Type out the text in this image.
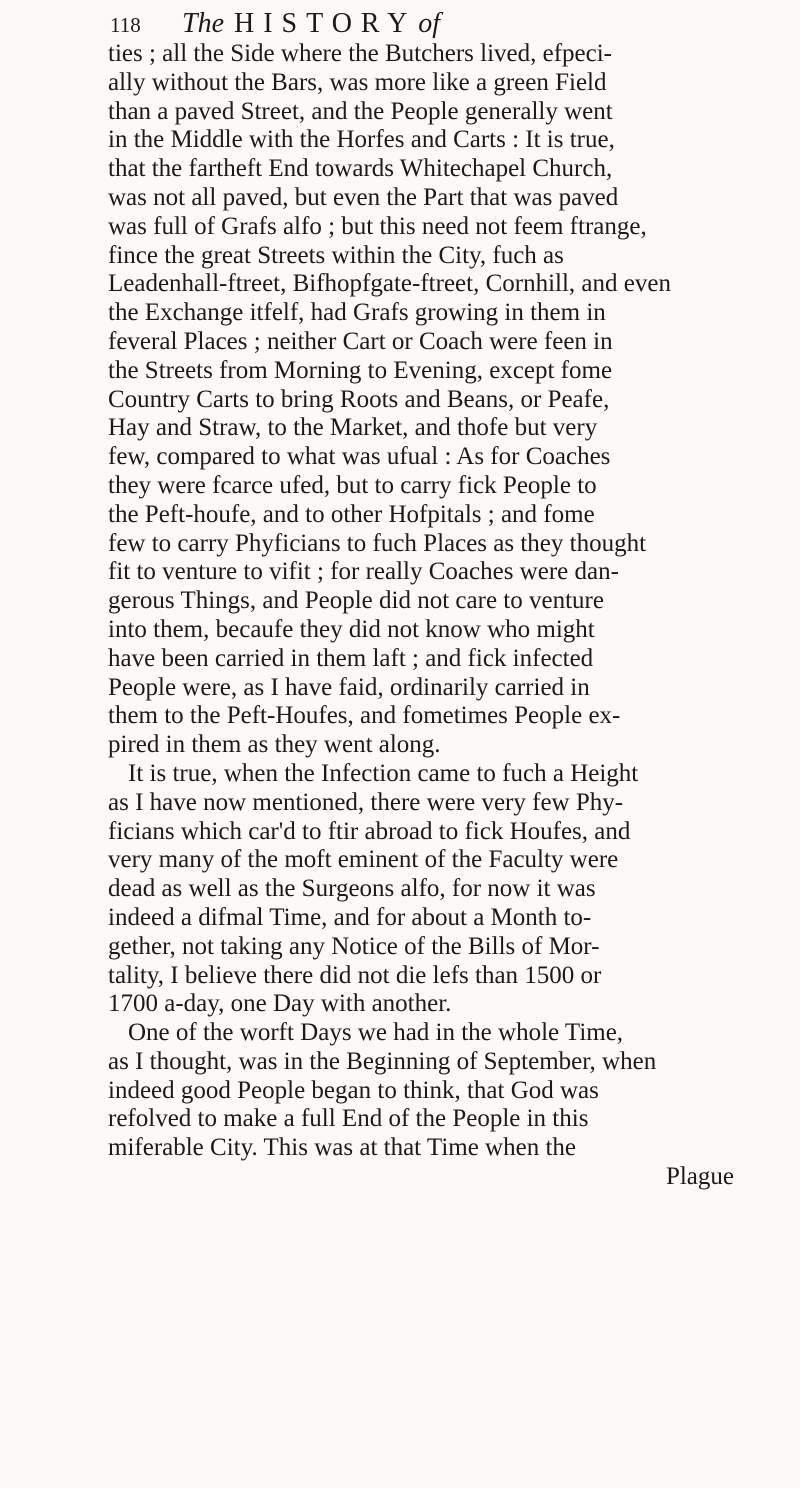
118 The HISTORYof
ties ; all the Side where the Butchers lived, efpeci-
ally without the Bars, was more like a green Field
than a paved Street, and the People generally went
in the Middle with the Horfes and Carts : It is true,
that the fartheft End towards Whitechapel Church,
was not all paved, but even the Part that was paved
was full of Grafs alfo ; but this need not feem ftrange,
fince the great Streets within the City, fuch as
Leadenhall-ftreet, Bifhopfgate-ftreet, Cornhill, and even
the Exchange itfelf, had Grafs growing in them in
feveral Places ; neither Cart or Coach were feen in
the Streets from Morning to Evening, except fome
Country Carts to bring Roots and Beans, or Peafe,
Hay and Straw, to the Market, and thofe but very
few, compared to what was ufual : As for Coaches
they were fcarce ufed, but to carry fick People to
the Peft-houfe, and to other Hofpitals ; and fome
few to carry Phyficians to fuch Places as they thought
fit to venture to vifit ; for really Coaches were dan-
gerous Things, and People did not care to venture
into them, becaufe they did not know who might
have been carried in them laft ; and fick infected
People were, as I have faid, ordinarily carried in
them to the Peft-Houfes, and fometimes People ex-
pired in them as they went along.
It is true, when the Infection came to fuch a Height
as I have now mentioned, there were very few Phy-
ficians which car'd to ftir abroad to fick Houfes, and
very many of the moft eminent of the Faculty were
dead as well as the Surgeons alfo, for now it was
indeed a difmal Time, and for about a Month to-
gether, not taking any Notice of the Bills of Mor-
tality, I believe there did not die lefs than 1500 or
1700 a-day, one Day with another.
One of the worft Days we had in the whole Time,
as I thought, was in the Beginning of September, when
indeed good People began to think, that God was
refolved to make a full End of the People in this
miferable City. This was at that Time when the
Plague
